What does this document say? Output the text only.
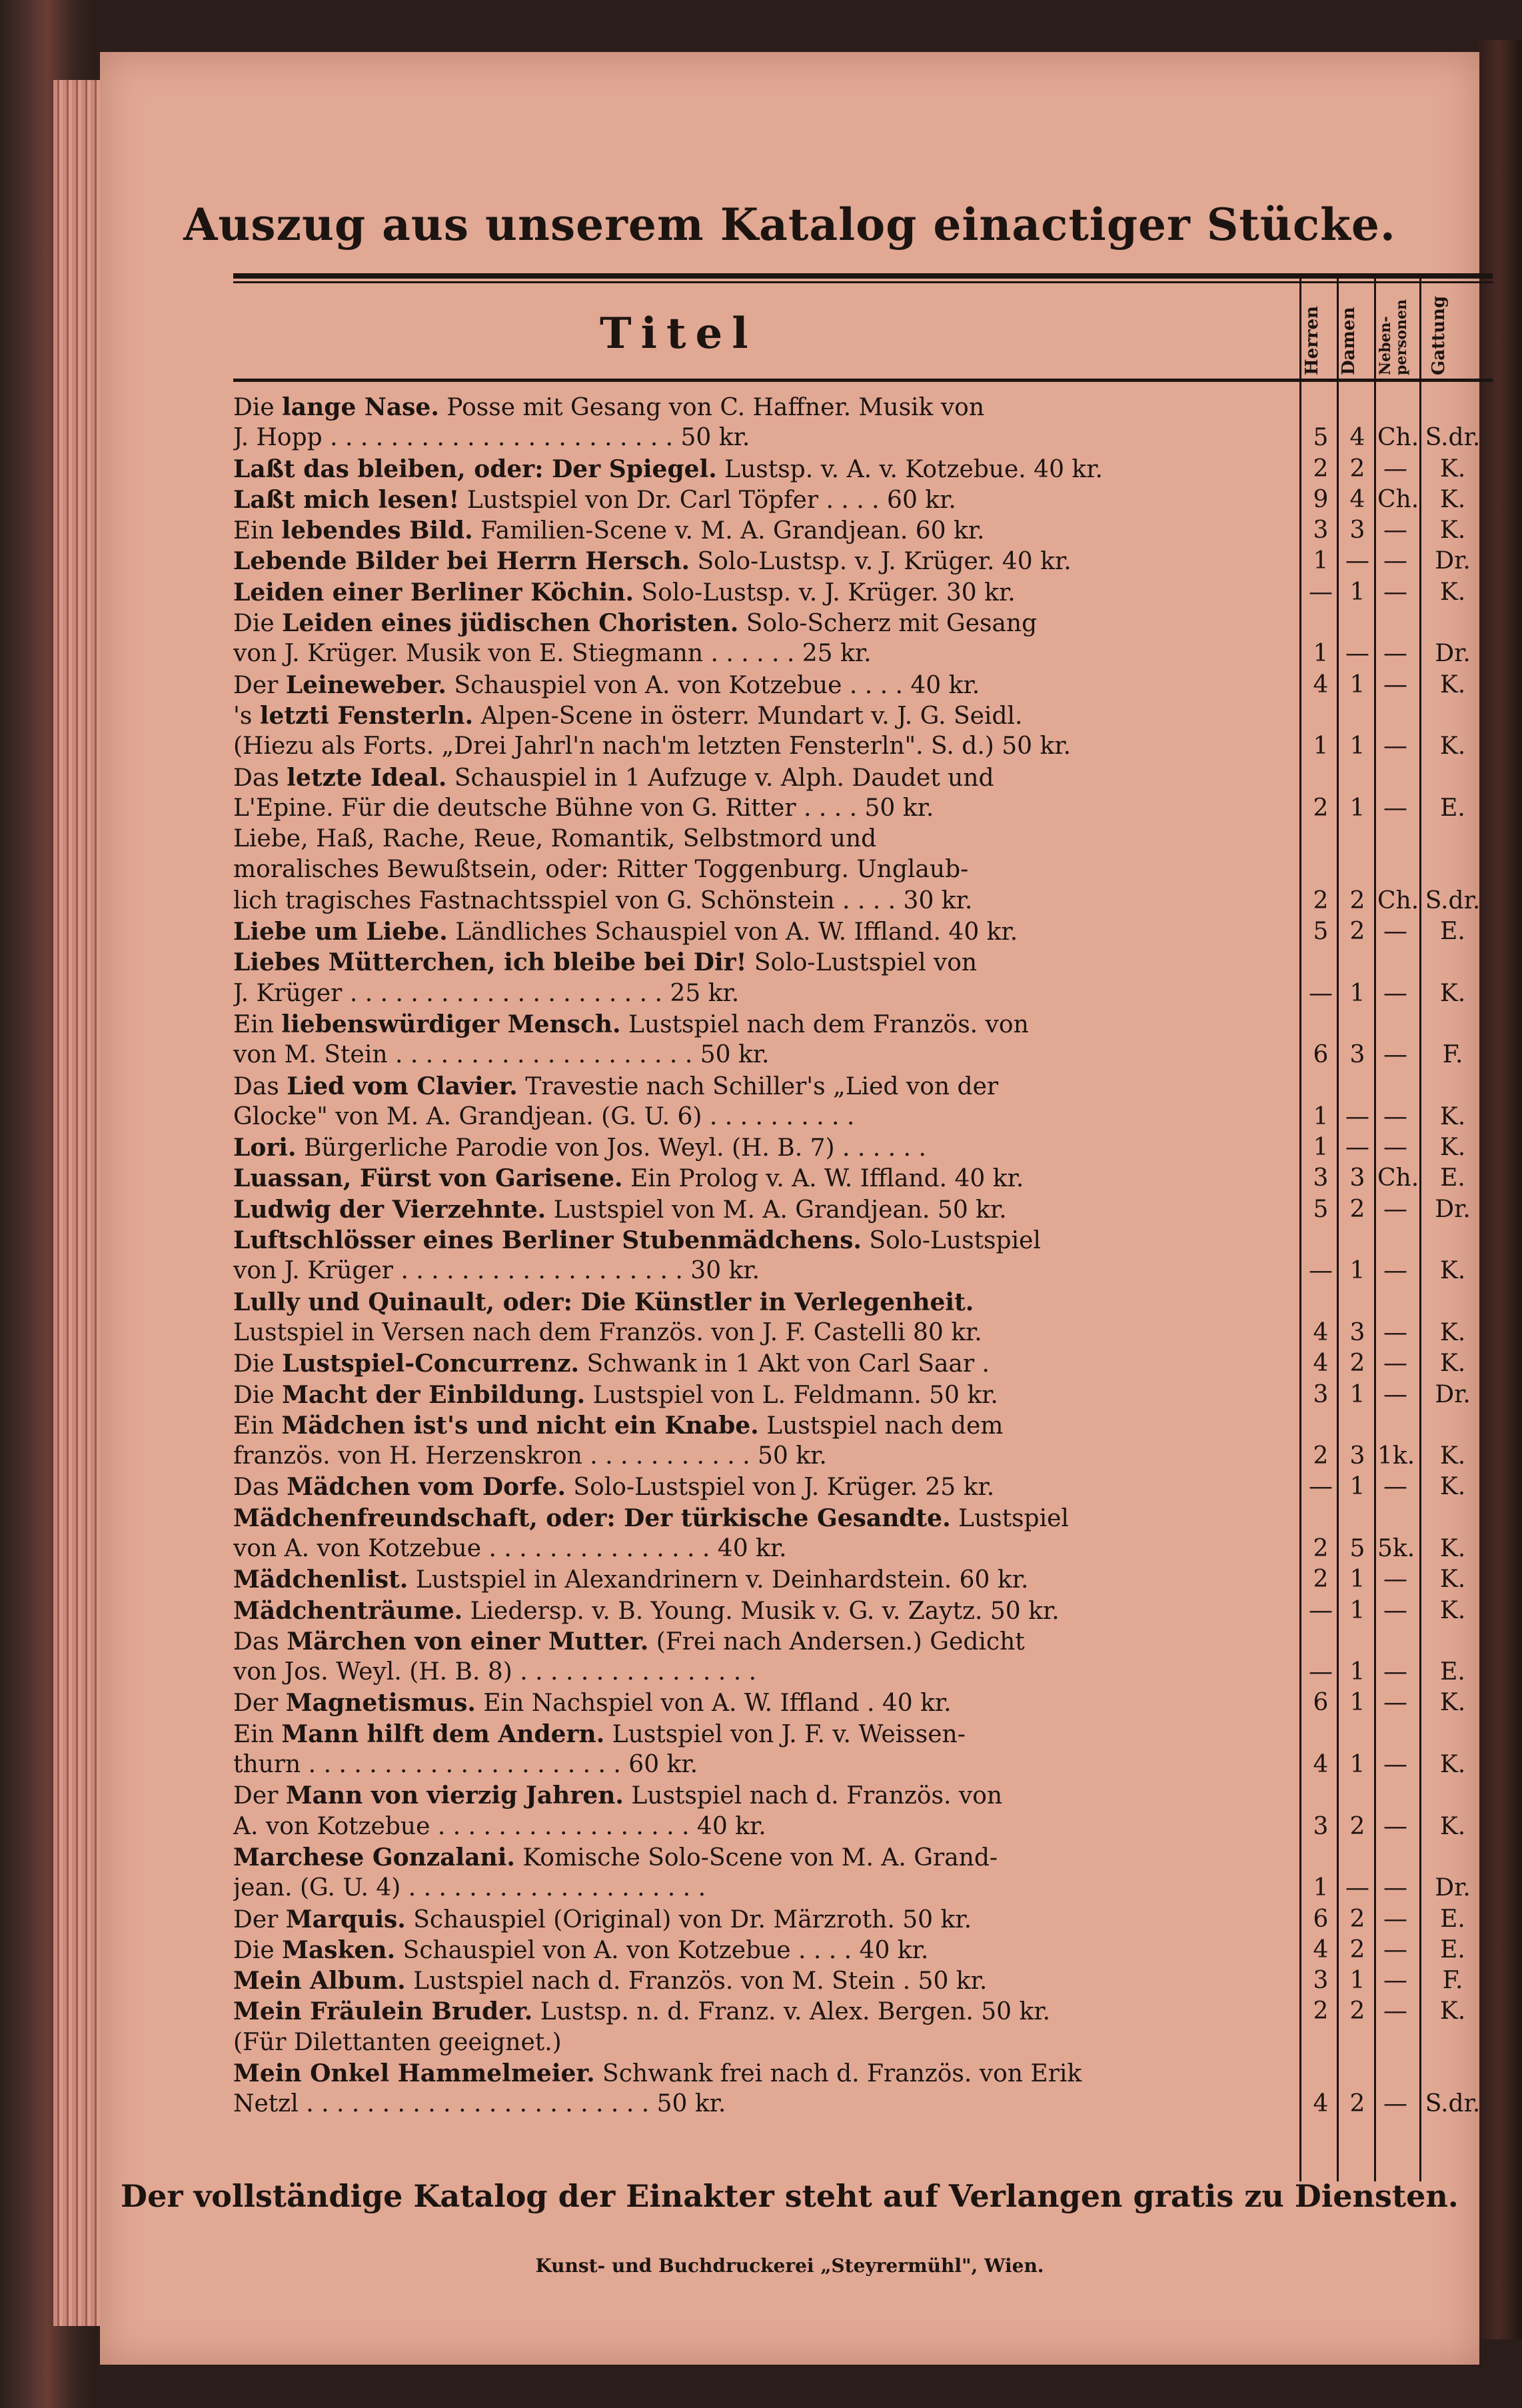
Auszug aus unserem Katalog einactiger Stücke.
Titel	Herren Damen	Neben-personen	Gattung
Die lange Nase. Posse mit Gesang von C. Haffner. Musik von
J. Hopp . . . . . . . . . . . . . . . . . . . . . . . 50 kr.	5 4 Ch. S.dr.
Laßt das bleiben, oder: Der Spiegel. Lustsp. v. A. v. Kotzebue. 40 kr.	2 2 —	K.
Laßt mich lesen! Lustspiel von Dr. Carl Töpfer . . . . 60 kr.	9 4 Ch. K.
Ein lebendes Bild. Familien-Scene v. M. A. Grandjean. 60 kr.	3 3 —	K.
Lebende Bilder bei Herrn Hersch. Solo-Lustsp. v. J. Krüger. 40 kr.	1 — —	Dr.
Leiden einer Berliner Köchin. Solo-Lustsp. v. J. Krüger. 30 kr.	— 1 —	K.
Die Leiden eines jüdischen Choristen. Solo-Scherz mit Gesang
von J. Krüger. Musik von E. Stiegmann . . . . . . 25 kr.	1 — —	Dr.
Der Leineweber. Schauspiel von A. von Kotzebue . . . . 40 kr.	4 1 —	K.
's letzti Fensterln. Alpen-Scene in österr. Mundart v. J. G. Seidl.
(Hiezu als Forts. „Drei Jahrl'n nach'm letzten Fensterln". S. d.) 50 kr.	1 1 —	K.
Das letzte Ideal. Schauspiel in 1 Aufzuge v. Alph. Daudet und
L'Epine. Für die deutsche Bühne von G. Ritter . . . . 50 kr.	2 1 —	E.
Liebe, Haß, Rache, Reue, Romantik, Selbstmord und
moralisches Bewußtsein, oder: Ritter Toggenburg. Unglaub-
lich tragisches Fastnachtsspiel von G. Schönstein . . . . 30 kr.	2 2 Ch. S.dr.
Liebe um Liebe. Ländliches Schauspiel von A. W. Iffland. 40 kr.	5 2 —	E.
Liebes Mütterchen, ich bleibe bei Dir! Solo-Lustspiel von
J. Krüger . . . . . . . . . . . . . . . . . . . . . 25 kr.	— 1 —	K.
Ein liebenswürdiger Mensch. Lustspiel nach dem Französ. von
von M. Stein . . . . . . . . . . . . . . . . . . . . 50 kr.	6 3 —	F.
Das Lied vom Clavier. Travestie nach Schiller's „Lied von der
Glocke" von M. A. Grandjean. (G. U. 6) . . . . . . . . . .	1 — —	K.
Lori. Bürgerliche Parodie von Jos. Weyl. (H. B. 7) . . . . . .	1 — —	K.
Luassan, Fürst von Garisene. Ein Prolog v. A. W. Iffland. 40 kr.	3 3 Ch. E.
Ludwig der Vierzehnte. Lustspiel von M. A. Grandjean. 50 kr.	5 2 —	Dr.
Luftschlösser eines Berliner Stubenmädchens. Solo-Lustspiel
von J. Krüger . . . . . . . . . . . . . . . . . . . 30 kr.	— 1 —	K.
Lully und Quinault, oder: Die Künstler in Verlegenheit.
Lustspiel in Versen nach dem Französ. von J. F. Castelli 80 kr.	4 3 —	K.
Die Lustspiel-Concurrenz. Schwank in 1 Akt von Carl Saar .	4 2 —	K.
Die Macht der Einbildung. Lustspiel von L. Feldmann. 50 kr.	3 1 —	Dr.
Ein Mädchen ist's und nicht ein Knabe. Lustspiel nach dem
französ. von H. Herzenskron . . . . . . . . . . . 50 kr.	2 3 1k.	K.
Das Mädchen vom Dorfe. Solo-Lustspiel von J. Krüger. 25 kr.	— 1 —	K.
Mädchenfreundschaft, oder: Der türkische Gesandte. Lustspiel
von A. von Kotzebue . . . . . . . . . . . . . . . 40 kr.	2 5 5k.	K.
Mädchenlist. Lustspiel in Alexandrinern v. Deinhardstein. 60 kr.	2 1 —	K.
Mädchenträume. Liedersp. v. B. Young. Musik v. G. v. Zaytz. 50 kr.	— 1 —	K.
Das Märchen von einer Mutter. (Frei nach Andersen.) Gedicht
von Jos. Weyl. (H. B. 8) . . . . . . . . . . . . . . . .	— 1 —	E.
Der Magnetismus. Ein Nachspiel von A. W. Iffland . 40 kr.	6 1 —	K.
Ein Mann hilft dem Andern. Lustspiel von J. F. v. Weissen-
thurn . . . . . . . . . . . . . . . . . . . . . 60 kr.	4 1 —	K.
Der Mann von vierzig Jahren. Lustspiel nach d. Französ. von
A. von Kotzebue . . . . . . . . . . . . . . . . . 40 kr.	3 2 —	K.
Marchese Gonzalani. Komische Solo-Scene von M. A. Grand-
jean. (G. U. 4) . . . . . . . . . . . . . . . . . . . .	1 — —	Dr.
Der Marquis. Schauspiel (Original) von Dr. Märzroth. 50 kr.	6 2 —	E.
Die Masken. Schauspiel von A. von Kotzebue . . . . 40 kr.	4 2 —	E.
Mein Album. Lustspiel nach d. Französ. von M. Stein . 50 kr.	3 1 —	F.
Mein Fräulein Bruder. Lustsp. n. d. Franz. v. Alex. Bergen. 50 kr.	2 2 —	K.
(Für Dilettanten geeignet.)
Mein Onkel Hammelmeier. Schwank frei nach d. Französ. von Erik
Netzl . . . . . . . . . . . . . . . . . . . . . . . 50 kr.	4 2 — S.dr.
Der vollständige Katalog der Einakter steht auf Verlangen gratis zu Diensten.
Kunst- und Buchdruckerei „Steyrermühl", Wien.
